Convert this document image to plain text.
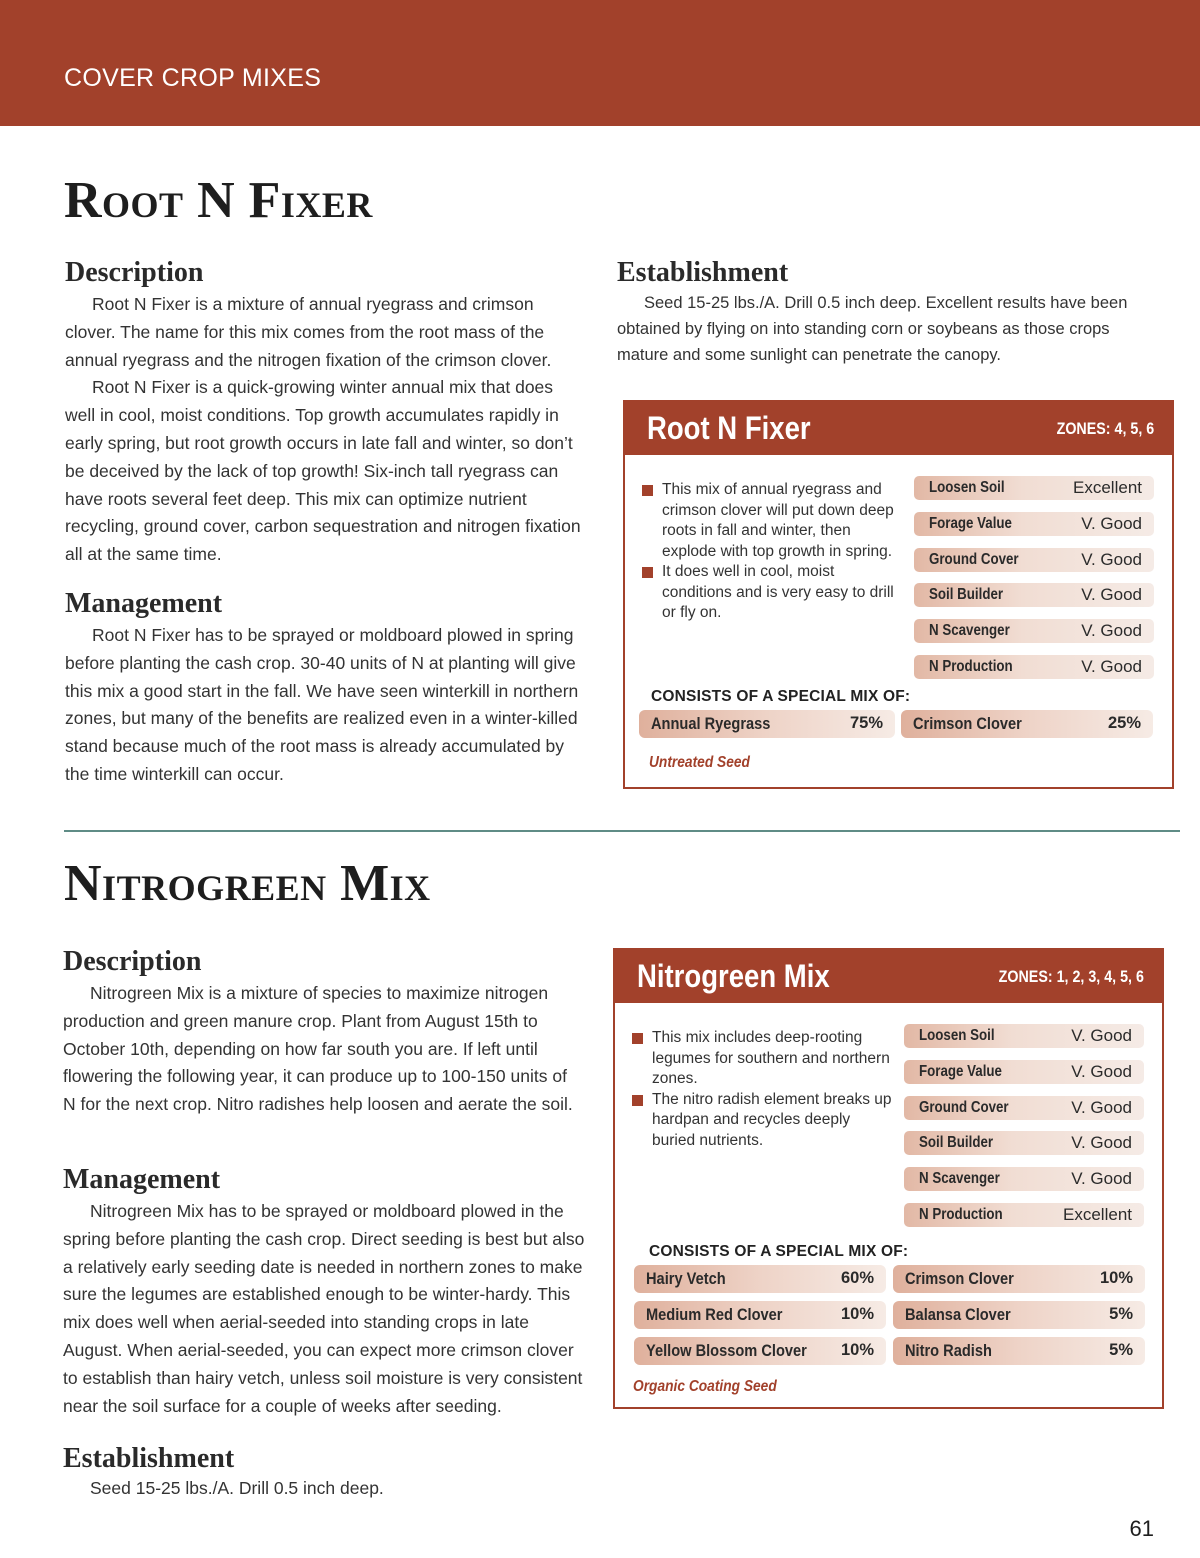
COVER CROP MIXES
Root N Fixer
Description

Root N Fixer is a mixture of annual ryegrass and crimson clover. The name for this mix comes from the root mass of the annual ryegrass and the nitrogen fixation of the crimson clover.

Root N Fixer is a quick-growing winter annual mix that does well in cool, moist conditions. Top growth accumulates rapidly in early spring, but root growth occurs in late fall and winter, so don’t be deceived by the lack of top growth! Six-inch tall ryegrass can have roots several feet deep. This mix can optimize nutrient recycling, ground cover, carbon sequestration and nitrogen fixation all at the same time.

Management

Root N Fixer has to be sprayed or moldboard plowed in spring before planting the cash crop. 30-40 units of N at planting will give this mix a good start in the fall. We have seen winterkill in northern zones, but many of the benefits are realized even in a winter-killed stand because much of the root mass is already accumulated by the time winterkill can occur.

Establishment

Seed 15-25 lbs./A. Drill 0.5 inch deep. Excellent results have been obtained by flying on into standing corn or soybeans as those crops mature and some sunlight can penetrate the canopy.

Root N Fixer	ZONES: 4, 5, 6
This mix of annual ryegrass and crimson clover will put down deep roots in fall and winter, then explode with top growth in spring.
It does well in cool, moist conditions and is very easy to drill or fly on.
Loosen Soil	Excellent
Forage Value	V. Good
Ground Cover	V. Good
Soil Builder	V. Good
N Scavenger	V. Good
N Production	V. Good
CONSISTS OF A SPECIAL MIX OF:
Annual Ryegrass	75% Crimson Clover	25%
Untreated Seed
Nitrogreen Mix
Description

Nitrogreen Mix is a mixture of species to maximize nitrogen production and green manure crop. Plant from August 15th to October 10th, depending on how far south you are. If left until flowering the following year, it can produce up to 100-150 units of N for the next crop. Nitro radishes help loosen and aerate the soil.

Management

Nitrogreen Mix has to be sprayed or moldboard plowed in the spring before planting the cash crop. Direct seeding is best but also a relatively early seeding date is needed in northern zones to make sure the legumes are established enough to be winter-hardy. This mix does well when aerial-seeded into standing crops in late August. When aerial-seeded, you can expect more crimson clover to establish than hairy vetch, unless soil moisture is very consistent near the soil surface for a couple of weeks after seeding.

Establishment

Seed 15-25 lbs./A. Drill 0.5 inch deep.

Nitrogreen Mix	ZONES: 1, 2, 3, 4, 5, 6
This mix includes deep-rooting legumes for southern and northern zones.
The nitro radish element breaks up hardpan and recycles deeply buried nutrients.
Loosen Soil	V. Good
Forage Value	V. Good
Ground Cover	V. Good
Soil Builder	V. Good
N Scavenger	V. Good
N Production	Excellent
CONSISTS OF A SPECIAL MIX OF:
Hairy Vetch	60% Crimson Clover	10%
Medium Red Clover	10% Balansa Clover	5%
Yellow Blossom Clover 10% Nitro Radish	5%
Organic Coating Seed
61
